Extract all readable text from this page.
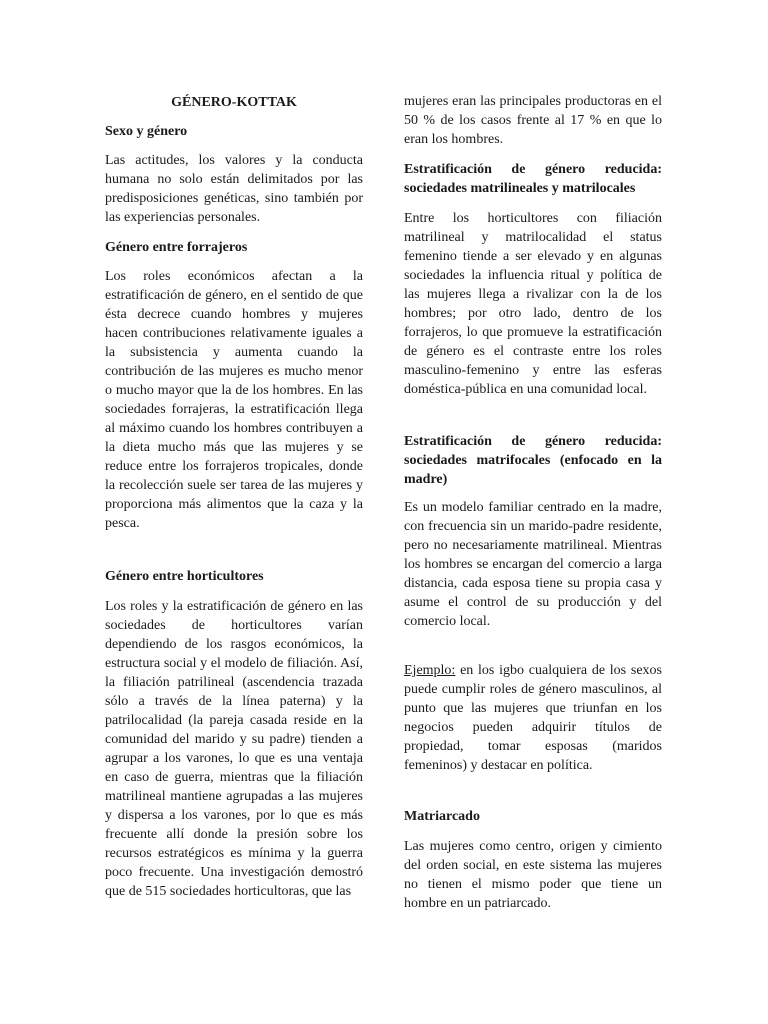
GÉNERO-KOTTAK
Sexo y género

Las actitudes, los valores y la conducta humana no solo están delimitados por las predisposiciones genéticas, sino también por las experiencias personales.

Género entre forrajeros

Los roles económicos afectan a la estratificación de género, en el sentido de que ésta decrece cuando hombres y mujeres hacen contribuciones relativamente iguales a la subsistencia y aumenta cuando la contribución de las mujeres es mucho menor o mucho mayor que la de los hombres. En las sociedades forrajeras, la estratificación llega al máximo cuando los hombres contribuyen a la dieta mucho más que las mujeres y se reduce entre los forrajeros tropicales, donde la recolección suele ser tarea de las mujeres y proporciona más alimentos que la caza y la pesca.

Género entre horticultores

Los roles y la estratificación de género en las sociedades de horticultores varían dependiendo de los rasgos económicos, la estructura social y el modelo de filiación. Así, la filiación patrilineal (ascendencia trazada sólo a través de la línea paterna) y la patrilocalidad (la pareja casada reside en la comunidad del marido y su padre) tienden a agrupar a los varones, lo que es una ventaja en caso de guerra, mientras que la filiación matrilineal mantiene agrupadas a las mujeres y dispersa a los varones, por lo que es más frecuente allí donde la presión sobre los recursos estratégicos es mínima y la guerra poco frecuente. Una investigación demostró que de 515 sociedades horticultoras, que las

mujeres eran las principales productoras en el 50 % de los casos frente al 17 % en que lo eran los hombres.

Estratificación de género reducida: sociedades matrilineales y matrilocales

Entre los horticultores con filiación matrilineal y matrilocalidad el status femenino tiende a ser elevado y en algunas sociedades la influencia ritual y política de las mujeres llega a rivalizar con la de los hombres; por otro lado, dentro de los forrajeros, lo que promueve la estratificación de género es el contraste entre los roles masculino-femenino y entre las esferas doméstica-pública en una comunidad local.

Estratificación de género reducida: sociedades matrifocales (enfocado en la madre)

Es un modelo familiar centrado en la madre, con frecuencia sin un marido-padre residente, pero no necesariamente matrilineal. Mientras los hombres se encargan del comercio a larga distancia, cada esposa tiene su propia casa y asume el control de su producción y del comercio local.

Ejemplo: en los igbo cualquiera de los sexos puede cumplir roles de género masculinos, al punto que las mujeres que triunfan en los negocios pueden adquirir títulos de propiedad, tomar esposas (maridos femeninos) y destacar en política.

Matriarcado

Las mujeres como centro, origen y cimiento del orden social, en este sistema las mujeres no tienen el mismo poder que tiene un hombre en un patriarcado.
